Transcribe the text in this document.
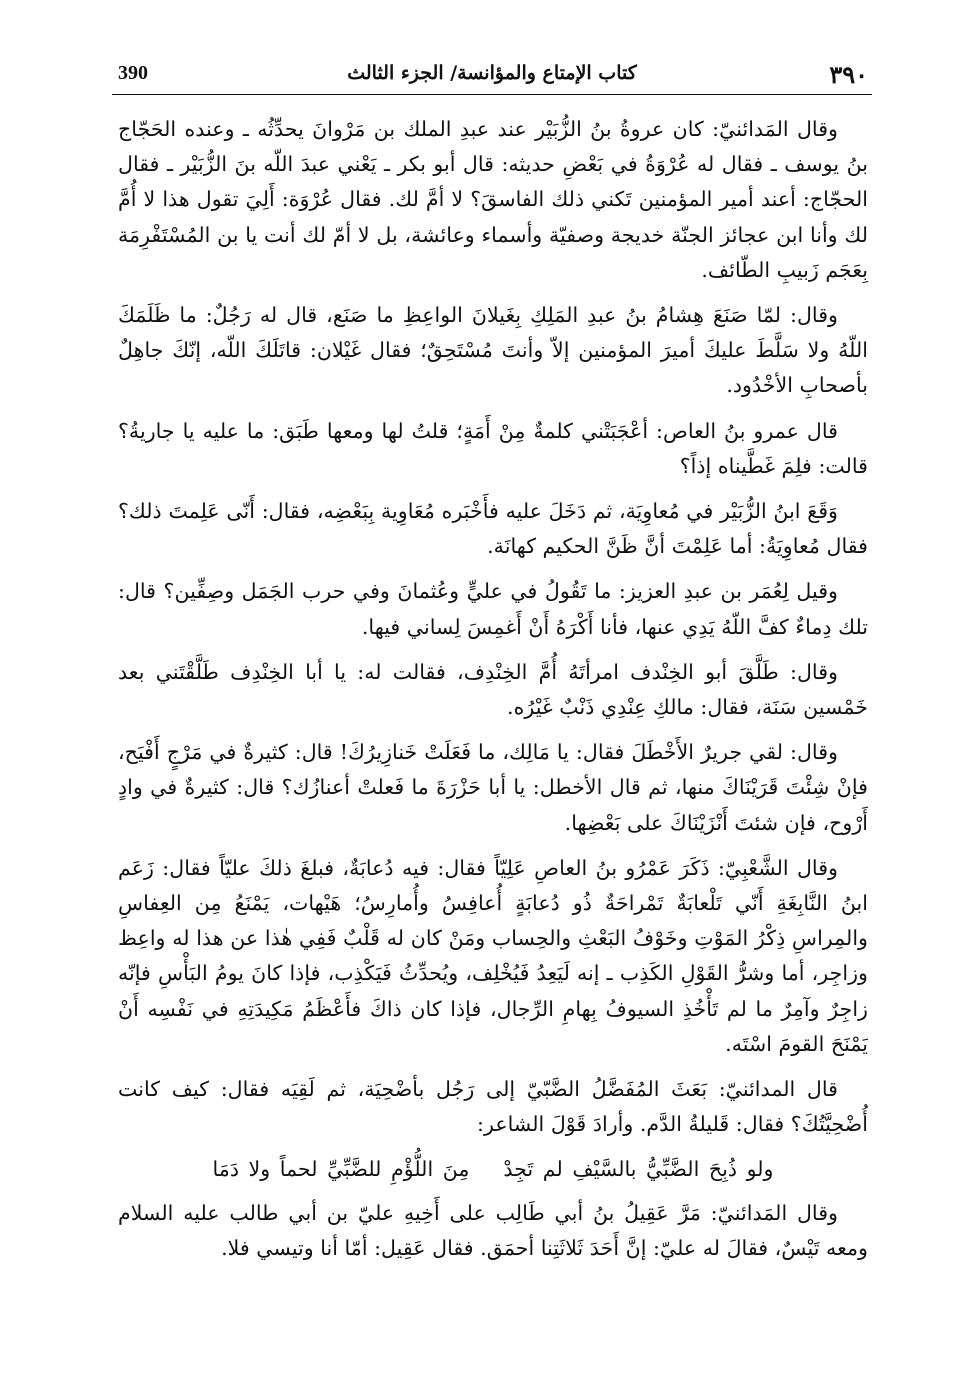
٣٩٠
كتاب الإمتاع والمؤانسة/ الجزء الثالث
390

وقال المَدائنيّ: كان عروةُ بنُ الزُّبَيْر عند عبدِ الملك بن مَرْوانَ يحدِّثُه ـ وعنده الحَجّاج بنُ يوسف ـ فقال له عُرْوَةُ في بَعْضِ حديثه: قال أبو بكر ـ يَعْني عبدَ اللّه بنَ الزُّبَيْر ـ فقال الحجّاج: أعند أمير المؤمنين تَكني ذلك الفاسقَ؟ لا أمَّ لك. فقال عُرْوَة: أَلِيَ تقول هذا لا أُمَّ لك وأنا ابن عجائز الجنّة خديجة وصفيّة وأسماء وعائشة، بل لا أمّ لك أنت يا بن المُسْتَفْرِمَة بِعَجَم زَبيبِ الطّائف.

وقال: لمّا صَنَعَ هِشامُ بنُ عبدِ المَلِكِ بِغَيلانَ الواعِظِ ما صَنَع، قال له رَجُلٌ: ما ظَلَمَكَ اللّهُ ولا سَلَّطَ عليكَ أميرَ المؤمنين إلاّ وأنتَ مُسْتَحِقٌ؛ فقال غَيْلان: قاتَلَكَ اللّه، إنّكَ جاهِلٌ بأصحابِ الأخْدُود.

قال عمرو بنُ العاص: أعْجَبَتْني كلمةٌ مِنْ أَمَةٍ؛ قلتُ لها ومعها طَبَق: ما عليه يا جاريةُ؟ قالت: فلِمَ غَطَّيناه إذاً؟

وَقَعَ ابنُ الزُّبَيْر في مُعاوِيَة، ثم دَخَلَ عليه فأَخْبَره مُعَاوِية بِبَعْضِه، فقال: أَنّى عَلِمتَ ذلك؟ فقال مُعاوِيَةُ: أما عَلِمْتَ أنَّ ظَنَّ الحكيم كهانَة.

وقيل لِعُمَر بن عبدِ العزيز: ما تَقُولُ في عليٍّ وعُثمانَ وفي حرب الجَمَل وصِفِّين؟ قال: تلك دِماءٌ كفَّ اللّهُ يَدِي عنها، فأنا أَكْرَهُ أَنْ أَغمِسَ لِساني فيها.

وقال: طَلَّقَ أبو الخِنْدف امرأتَهُ أُمَّ الخِنْدِف، فقالت له: يا أبا الخِنْدِف طَلَّقْتَني بعد خَمْسين سَنَة، فقال: مالكِ عِنْدِي ذَنْبٌ غَيْرُه.

وقال: لقي جريرٌ الأَخْطَلَ فقال: يا مَالِك، ما فَعَلَتْ خَنازِيرُكَ! قال: كثيرةٌ في مَرْجٍ أَفْيَح، فإنْ شِئْتَ قَرَيْنَاكَ منها، ثم قال الأخطل: يا أبا حَزْرَةَ ما فَعلتْ أعنازُك؟ قال: كثيرةٌ في وادٍ أَرْوح، فإن شئتَ أَنْزَيْنَاكَ على بَعْضِها.

وقال الشَّعْبِيّ: ذَكَرَ عَمْرُو بنُ العاصِ عَلِيّاً فقال: فيه دُعابَةٌ، فبلغَ ذلكَ عليّاً فقال: زَعَم ابنُ النَّابِغَةِ أَنّي تَلْعابَةٌ تَمْراحَةٌ ذُو دُعابَةٍ أُعافِسُ وأُمارِسُ؛ هَيْهات، يَمْنَعُ مِن العِفاسِ والمِراسِ ذِكْرُ المَوْتِ وخَوْفُ البَعْثِ والحِساب ومَنْ كان له قَلْبٌ فَفِي هٰذا عن هذا له واعِظ وزاجِر، أما وشرُّ القَوْلِ الكَذِب ـ إنه لَيَعِدُ فَيُخْلِف، ويُحدِّثُ فَيَكْذِب، فإذا كانَ يومُ البَأْسِ فإنّه زاجِرٌ وآمِرٌ ما لم تَأْخُذِ السيوفُ بِهامِ الرِّجال، فإذا كان ذاكَ فأَعْظَمُ مَكِيدَتِهِ في نَفْسِه أَنْ يَمْنَحَ القومَ اسْتَه.

قال المدائنيّ: بَعَثَ المُفَضَّلُ الضَّبّيّ إلى رَجُل بأضْحِيَة، ثم لَقِيَه فقال: كيف كانت أُضْحِيَّتُكَ؟ فقال: قَليلةُ الدَّم. وأرادَ قَوْلَ الشاعر:

ولو ذُبِحَ الضَّبِّيُّ بالسَّيْفِ لم تَجِدْمِنَ اللُّؤْمِ للضَّبِّيِّ لحماً ولا دَمَا

وقال المَدائنيّ: مَرَّ عَقِيلُ بنُ أبي طَالِب على أَخِيهِ عليّ بن أبي طالب عليه السلام ومعه تَيْسٌ، فقالَ له عليّ: إنَّ أَحَدَ ثَلاثَتِنا أحمَق. فقال عَقِيل: أمّا أنا وتيسي فلا.
